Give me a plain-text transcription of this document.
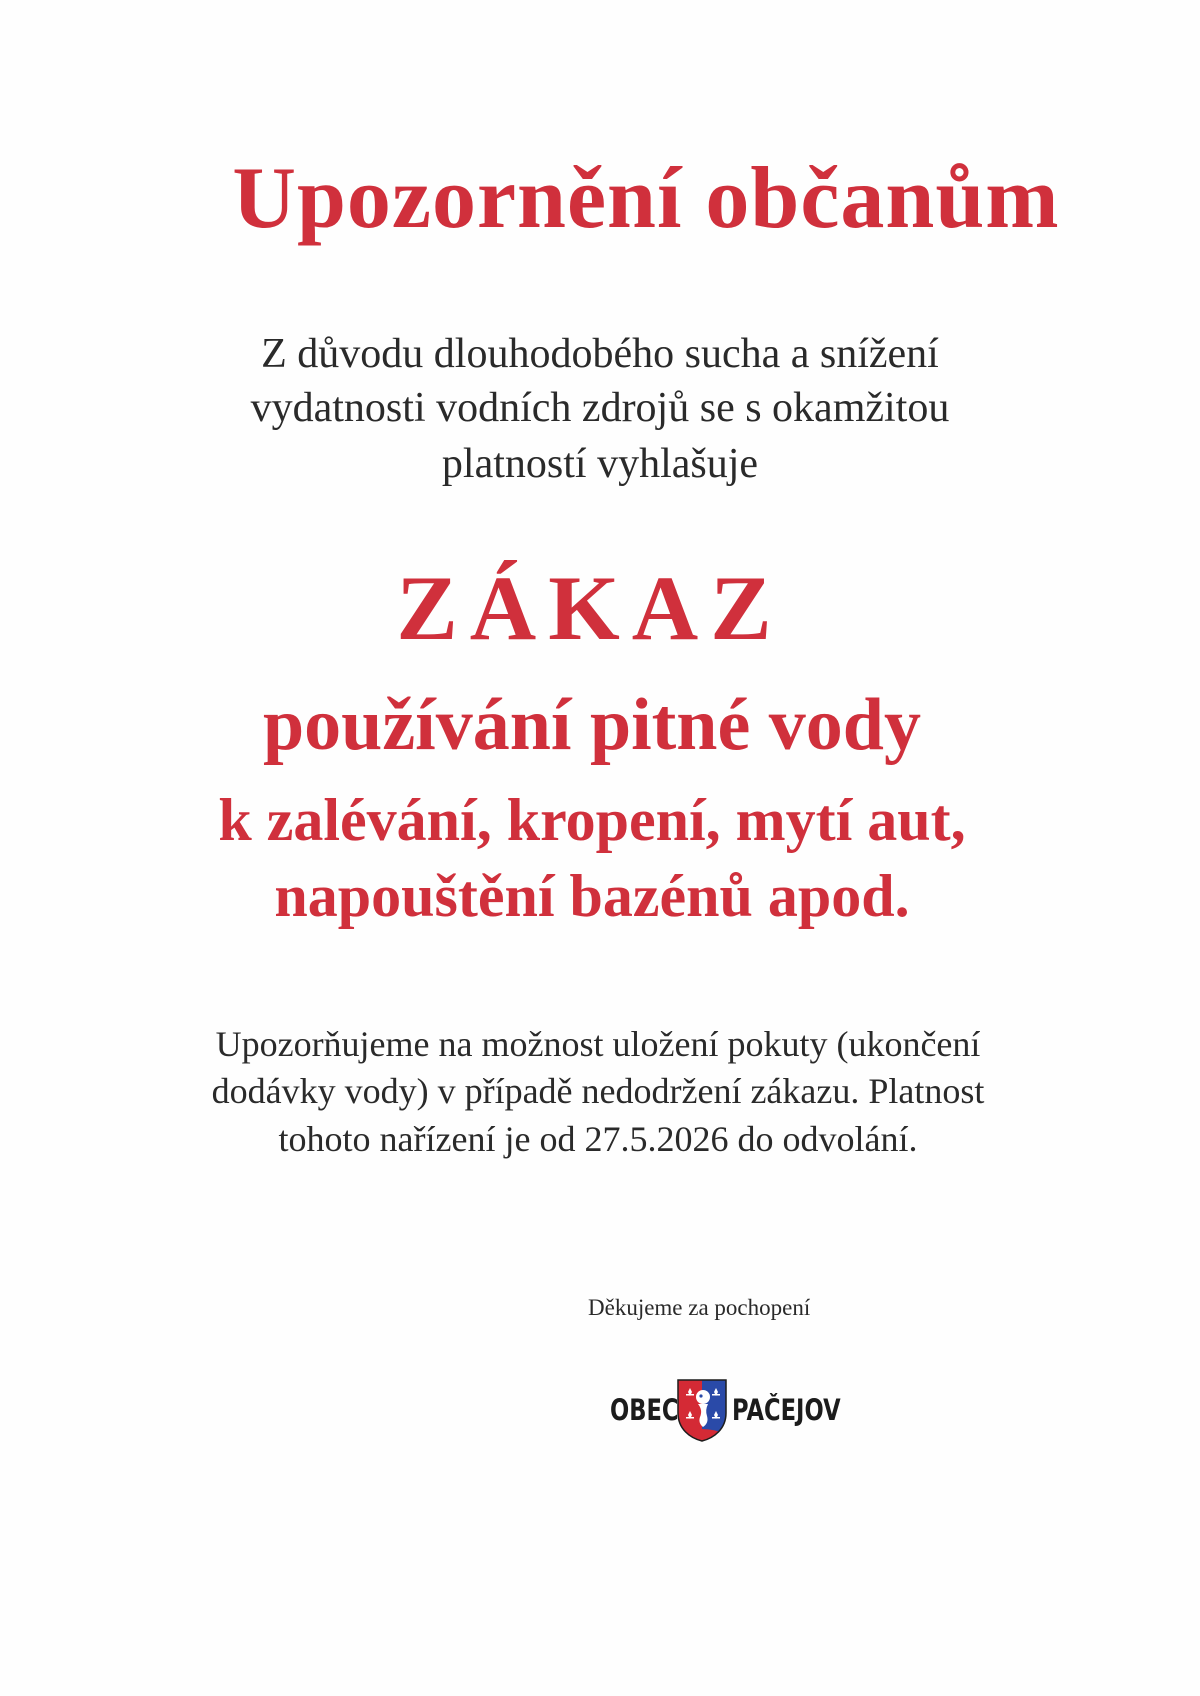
Upozornění občanům

Z důvodu dlouhodobého sucha a snížení

vydatnosti vodních zdrojů se s okamžitou

platností vyhlašuje

ZÁKAZ

používání pitné vody

k zalévání, kropení, mytí aut,

napouštění bazénů apod.

Upozorňujeme na možnost uložení pokuty (ukončení

dodávky vody) v případě nedodržení zákazu. Platnost

tohoto nařízení je od 27.5.2026 do odvolání.

Děkujeme za pochopení

OBEC PAČEJOV
